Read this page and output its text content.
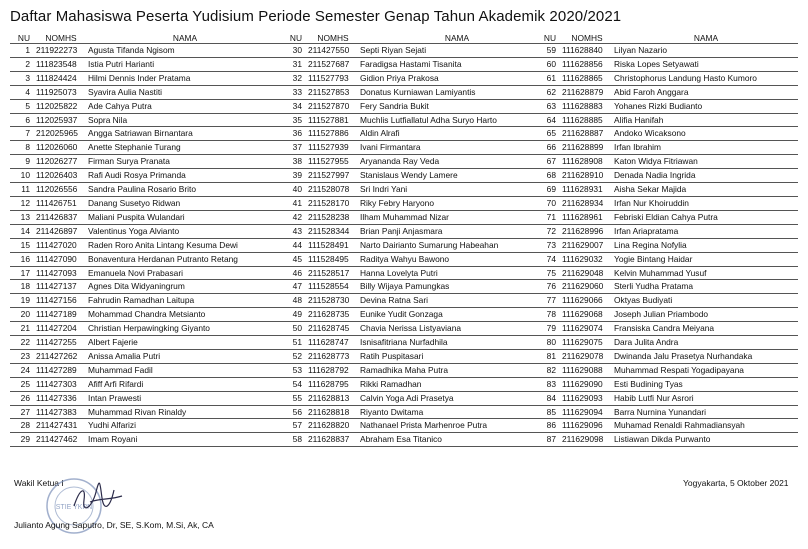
Daftar Mahasiswa Peserta Yudisium Periode Semester Genap Tahun Akademik 2020/2021
NU	NOMHS	NAMA
1	211922273	Agusta Tifanda Ngisom
2	111823548	Istia Putri Harianti
3	111824424	Hilmi Dennis Inder Pratama
4	111925073	Syavira Aulia Nastiti
5	112025822	Ade Cahya Putra
6	112025937	Sopra Nila
7	212025965	Angga Satriawan Birnantara
8	112026060	Anette Stephanie Turang
9	112026277	Firman Surya Pranata
10	112026403	Rafi Audi Rosya Primanda
11	112026556	Sandra Paulina Rosario Brito
12	111426751	Danang Susetyo Ridwan
13	211426837	Maliani Puspita Wulandari
14	211426897	Valentinus Yoga Alvianto
15	111427020	Raden Roro Anita Lintang Kesuma Dewi
16	111427090	Bonaventura Herdanan Putranto Retang
17	111427093	Emanuela Novi Prabasari
18	111427137	Agnes Dita Widyaningrum
19	111427156	Fahrudin Ramadhan Laitupa
20	111427189	Mohammad Chandra Metsianto
21	111427204	Christian Herpawingking Giyanto
22	111427255	Albert Fajerie
23	211427262	Anissa Amalia Putri
24	111427289	Muhammad Fadil
25	111427303	Afiff Arfi Rifardi
26	111427336	Intan Prawesti
27	111427383	Muhammad Rivan Rinaldy
28	211427431	Yudhi Alfarizi
29	211427462	Imam Royani
NU	NOMHS	NAMA
30	211427550	Septi Riyan Sejati
31	211527687	Faradigsa Hastami Tisanita
32	111527793	Gidion Priya Prakosa
33	211527853	Donatus Kurniawan Lamiyantis
34	211527870	Fery Sandria Bukit
35	111527881	Muchlis Lutfiallatul Adha Suryo Harto
36	111527886	Aldin Alrafi
37	111527939	Ivani Firmantara
38	111527955	Aryananda Ray Veda
39	211527997	Stanislaus Wendy Lamere
40	211528078	Sri Indri Yani
41	211528170	Riky Febry Haryono
42	211528238	Ilham Muhammad Nizar
43	211528344	Brian Panji Anjasmara
44	111528491	Narto Dairianto Sumarung Habeahan
45	111528495	Raditya Wahyu Bawono
46	211528517	Hanna Lovelyta Putri
47	111528554	Billy Wijaya Pamungkas
48	211528730	Devina Ratna Sari
49	211628735	Eunike Yudit Gonzaga
50	211628745	Chavia Nerissa Listyaviana
51	111628747	Isnisafitriana Nurfadhila
52	211628773	Ratih Puspitasari
53	111628792	Ramadhika Maha Putra
54	111628795	Rikki Ramadhan
55	211628813	Calvin Yoga Adi Prasetya
56	211628818	Riyanto Dwitama
57	211628820	Nathanael Prista Marhenroe Putra
58	211628837	Abraham Esa Titanico
NU	NOMHS	NAMA
59	111628840	Lilyan Nazario
60	111628856	Riska Lopes Setyawati
61	111628865	Christophorus Landung Hasto Kumoro
62	211628879	Abid Faroh Anggara
63	111628883	Yohanes Rizki Budianto
64	111628885	Alifia Hanifah
65	211628887	Andoko Wicaksono
66	211628899	Irfan Ibrahim
67	111628908	Katon Widya Fitriawan
68	211628910	Denada Nadia Ingrida
69	111628931	Aisha Sekar Majida
70	211628934	Irfan Nur Khoiruddin
71	111628961	Febriski Eldian Cahya Putra
72	211628996	Irfan Ariapratama
73	211629007	Lina Regina Nofylia
74	111629032	Yogie Bintang Haidar
75	211629048	Kelvin Muhammad Yusuf
76	211629060	Sterli Yudha Pratama
77	111629066	Oktyas Budiyati
78	111629068	Joseph Julian Priambodo
79	111629074	Fransiska Candra Meiyana
80	111629075	Dara Julita Andra
81	211629078	Dwinanda Jalu Prasetya Nurhandaka
82	111629088	Muhammad Respati Yogadipayana
83	111629090	Esti Budining Tyas
84	111629093	Habib Lutfi Nur Asrori
85	111629094	Barra Nurnina Yunandari
86	111629096	Muhamad Renaldi Rahmadiansyah
87	211629098	Listiawan Dikda Purwanto
Wakil Ketua I	Yogyakarta, 5 Oktober 2021
STIE YKPN
Julianto Agung Saputro, Dr, SE, S.Kom, M.Si, Ak, CA
